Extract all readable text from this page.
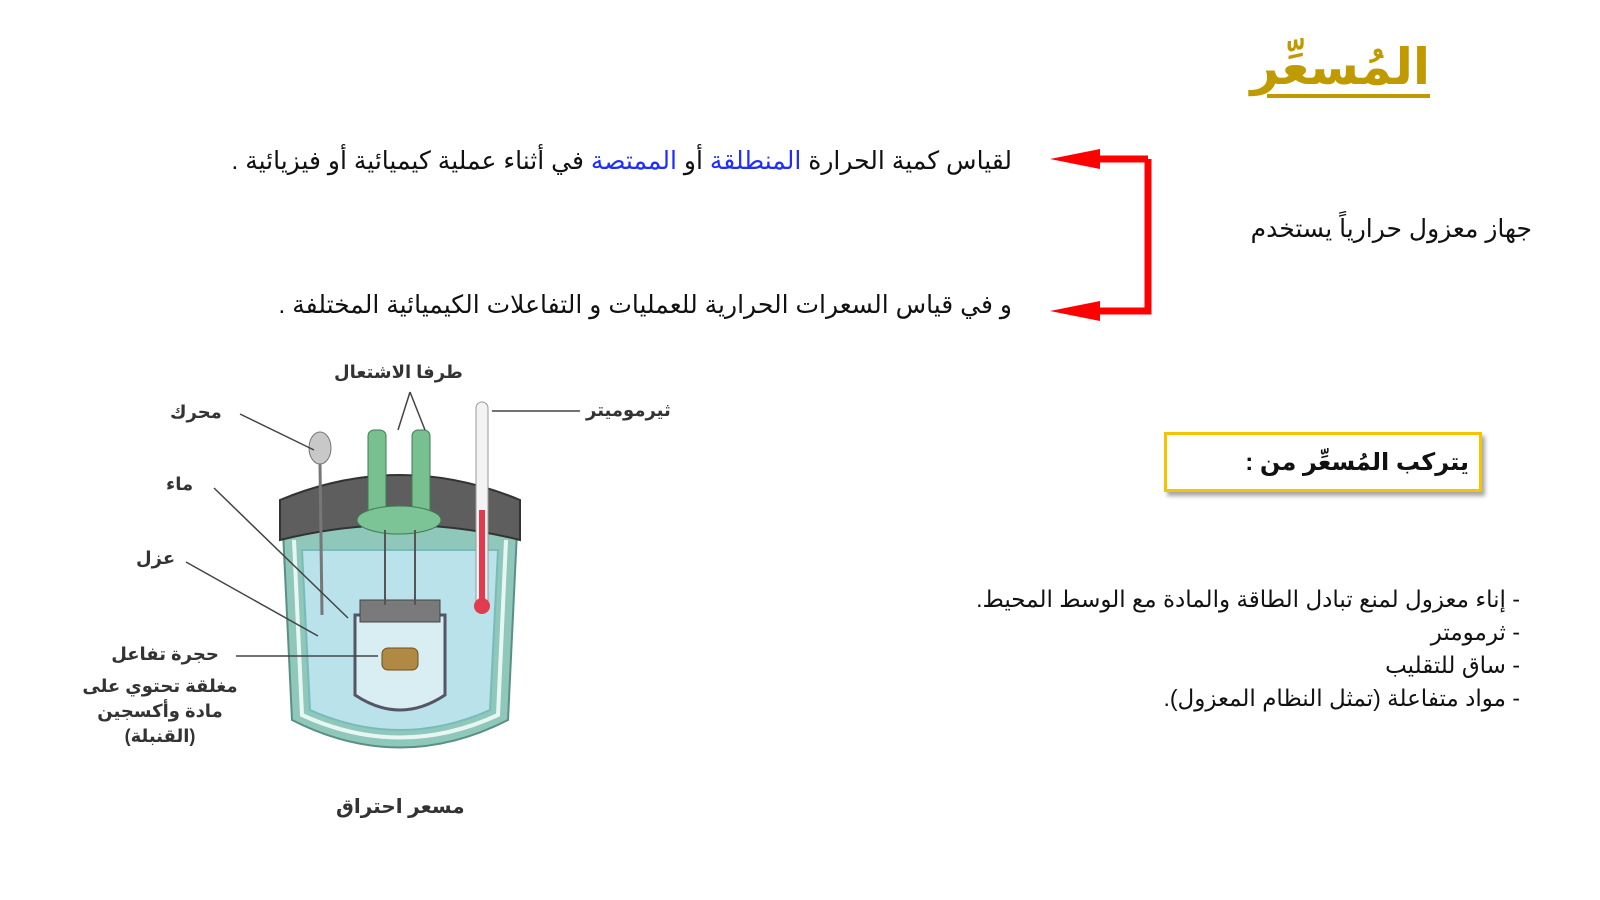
المُسعِّر
جهاز معزول حرارياً يستخدم
لقياس كمية الحرارة المنطلقة أو الممتصة في أثناء عملية كيميائية أو فيزيائية .
و في قياس السعرات الحرارية للعمليات و التفاعلات الكيميائية المختلفة .
يتركب المُسعِّر من :
- إناء معزول لمنع تبادل الطاقة والمادة مع الوسط المحيط.
- ثرمومتر
- ساق للتقليب
- مواد متفاعلة (تمثل النظام المعزول).
طرفا الاشتعال
ثيرموميتر
محرك
ماء
عزل
حجرة تفاعل
مغلقة تحتوي على
مادة وأكسجين
(القنبلة)
مسعر احتراق
